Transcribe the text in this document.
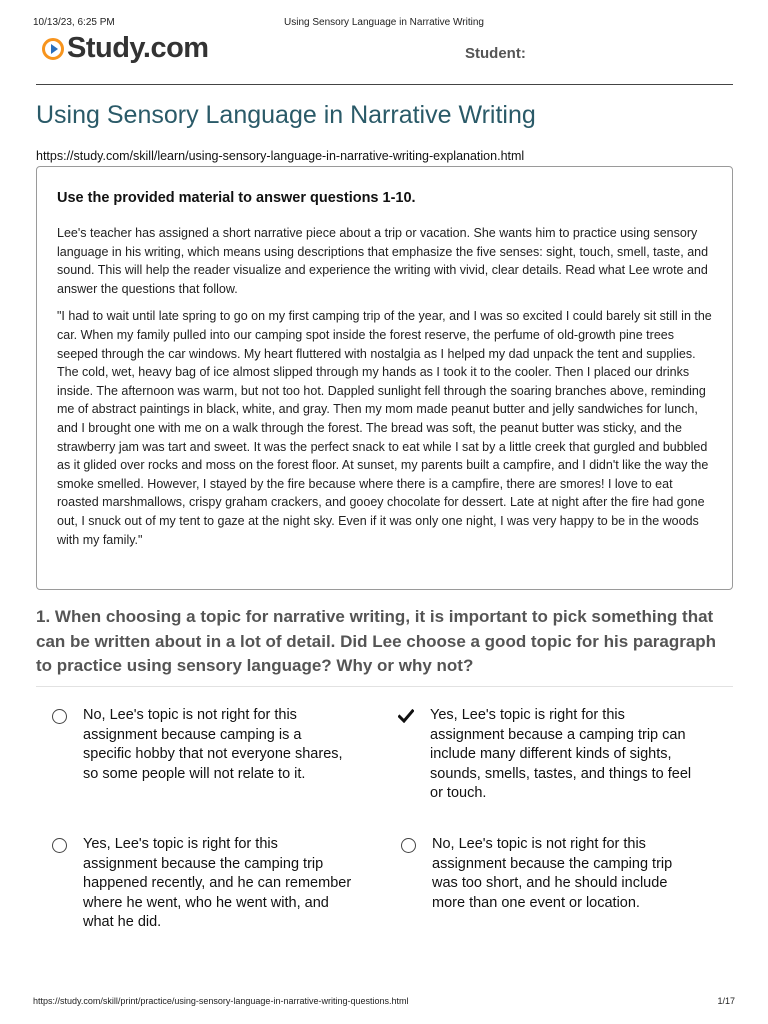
10/13/23, 6:25 PM	Using Sensory Language in Narrative Writing
Study.com	Student:
Using Sensory Language in Narrative Writing
https://study.com/skill/learn/using-sensory-language-in-narrative-writing-explanation.html

Use the provided material to answer questions 1-10.

Lee's teacher has assigned a short narrative piece about a trip or vacation. She wants him to practice using sensory language in his writing, which means using descriptions that emphasize the five senses: sight, touch, smell, taste, and sound. This will help the reader visualize and experience the writing with vivid, clear details. Read what Lee wrote and answer the questions that follow.

"I had to wait until late spring to go on my first camping trip of the year, and I was so excited I could barely sit still in the car. When my family pulled into our camping spot inside the forest reserve, the perfume of old-growth pine trees seeped through the car windows. My heart fluttered with nostalgia as I helped my dad unpack the tent and supplies. The cold, wet, heavy bag of ice almost slipped through my hands as I took it to the cooler. Then I placed our drinks inside. The afternoon was warm, but not too hot. Dappled sunlight fell through the soaring branches above, reminding me of abstract paintings in black, white, and gray. Then my mom made peanut butter and jelly sandwiches for lunch, and I brought one with me on a walk through the forest. The bread was soft, the peanut butter was sticky, and the strawberry jam was tart and sweet. It was the perfect snack to eat while I sat by a little creek that gurgled and bubbled as it glided over rocks and moss on the forest floor. At sunset, my parents built a campfire, and I didn't like the way the smoke smelled. However, I stayed by the fire because where there is a campfire, there are smores! I love to eat roasted marshmallows, crispy graham crackers, and gooey chocolate for dessert. Late at night after the fire had gone out, I snuck out of my tent to gaze at the night sky. Even if it was only one night, I was very happy to be in the woods with my family."

1. When choosing a topic for narrative writing, it is important to pick something that can be written about in a lot of detail. Did Lee choose a good topic for his paragraph to practice using sensory language? Why or why not?

No, Lee's topic is not right for this assignment because camping is a specific hobby that not everyone shares, so some people will not relate to it.
Yes, Lee's topic is right for this assignment because a camping trip can include many different kinds of sights, sounds, smells, tastes, and things to feel or touch.
Yes, Lee's topic is right for this assignment because the camping trip happened recently, and he can remember where he went, who he went with, and what he did.
No, Lee's topic is not right for this assignment because the camping trip was too short, and he should include more than one event or location.
https://study.com/skill/print/practice/using-sensory-language-in-narrative-writing-questions.html	1/17
